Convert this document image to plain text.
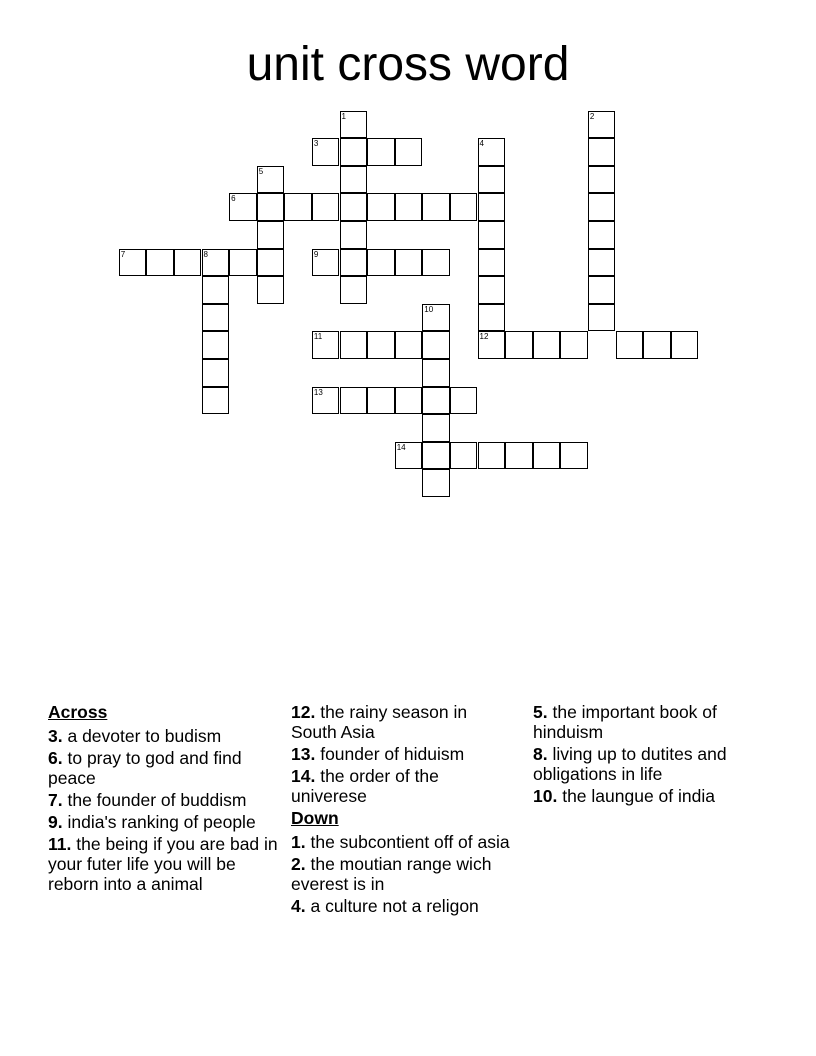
unit cross word
1	2
3	4
5
6
7	8	9
10
11	12
13
14
Across
3. a devoter to budism
6. to pray to god and find peace
7. the founder of buddism
9. india's ranking of people
11. the being if you are bad in your futer life you will be reborn into a animal
12. the rainy season in South Asia
13. founder of hiduism
14. the order of the univerese
Down
1. the subcontient off of asia
2. the moutian range wich everest is in
4. a culture not a religon
5. the important book of hinduism
8. living up to dutites and obligations in life
10. the laungue of india
